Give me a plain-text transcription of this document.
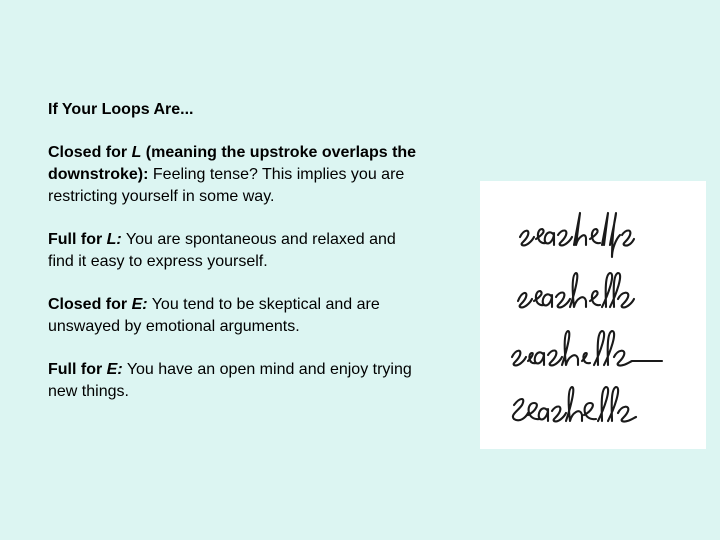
If Your Loops Are...

Closed for L (meaning the upstroke overlaps the downstroke): Feeling tense? This implies you are restricting yourself in some way.

Full for L: You are spontaneous and relaxed and find it easy to express yourself.

Closed for E: You tend to be skeptical and are unswayed by emotional arguments.

Full for E: You have an open mind and enjoy trying new things.
